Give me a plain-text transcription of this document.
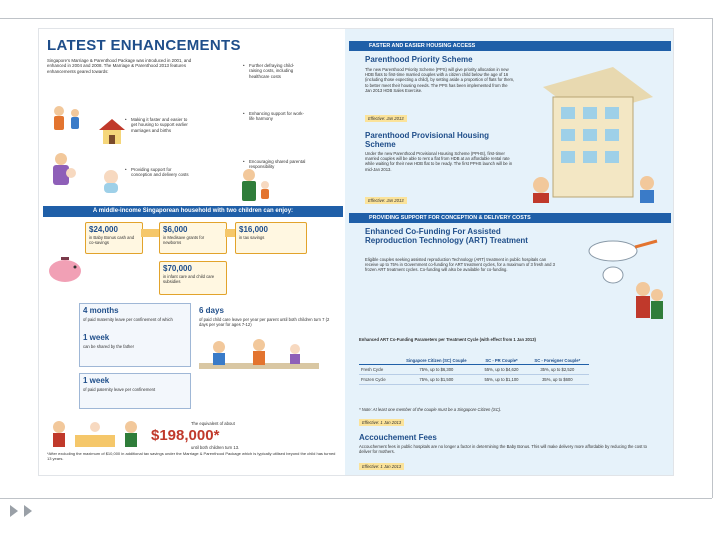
LATEST ENHANCEMENTS
Singapore’s Marriage & Parenthood Package was introduced in 2001, and enhanced in 2004 and 2008. The Marriage & Parenthood 2013 features enhancements geared towards:
• Making it faster and easier to get housing to support earlier marriages and births
• Providing support for conception and delivery costs
• Further defraying child-raising costs, including healthcare costs
• Enhancing support for work-life harmony
• Encouraging shared parental responsibility
A middle-income Singaporean household with two children can enjoy:
$24,000
in Baby Bonus cash and co-savings
$6,000
in Medisave grants for newborns
$16,000
in tax savings
$70,000
in infant care and child care subsidies
4 months
of paid maternity leave per confinement of which
1 week
can be shared by the father
6 days
of paid child care leave per year per parent until both children turn 7 (2 days per year for ages 7-12)
1 week
of paid paternity leave per confinement
The equivalent of about
$198,000*
until both children turn 13.
*After excluding the maximum of $10,000 in additional tax savings under the Marriage & Parenthood Package which is typically utilised beyond the child has turned 13 years.
FASTER AND EASIER HOUSING ACCESS
Parenthood Priority Scheme
The new Parenthood Priority Scheme (PPS) will give priority allocation in new HDB flats to first-time married couples with a citizen child below the age of 16 (including those expecting a child), by setting aside a proportion of flats for them, to better meet their housing needs. The PPS has been implemented from the Jan 2013 HDB Sales Exercise.
Effective: Jan 2013
Parenthood Provisional Housing Scheme
Under the new Parenthood Provisional Housing Scheme (PPHS), first-timer married couples will be able to rent a flat from HDB at an affordable rental rate while waiting for their new HDB flat to be ready. The first PPHS launch will be in mid-Jan 2013.
Effective: Jan 2013
PROVIDING SUPPORT FOR CONCEPTION & DELIVERY COSTS
Enhanced Co-Funding For Assisted Reproduction Technology (ART) Treatment
Eligible couples seeking assisted reproduction Technology (ART) treatment in public hospitals can receive up to 75% in Government co-funding for ART treatment cycles, for a maximum of 3 fresh and 3 frozen ART treatment cycles. Co-funding will also be available for co-funding.
Enhanced ART Co-Funding Parameters per Treatment Cycle (with effect from 1 Jan 2013)
	Singapore Citizen (SC) Couple	SC - PR Couple*	SC - Foreigner Couple*
Fresh Cycle	75%, up to $6,300	55%, up to $4,620	35%, up to $2,520
Frozen Cycle	75%, up to $1,500	55%, up to $1,100	35%, up to $600
* Note: At least one member of the couple must be a Singapore Citizen (SC).
Effective: 1 Jan 2013
Accouchement Fees
Accouchement fees in public hospitals are no longer a factor in determining the Baby Bonus. This will make delivery more affordable by reducing the cost to deliver for mothers.
Effective: 1 Jan 2013
